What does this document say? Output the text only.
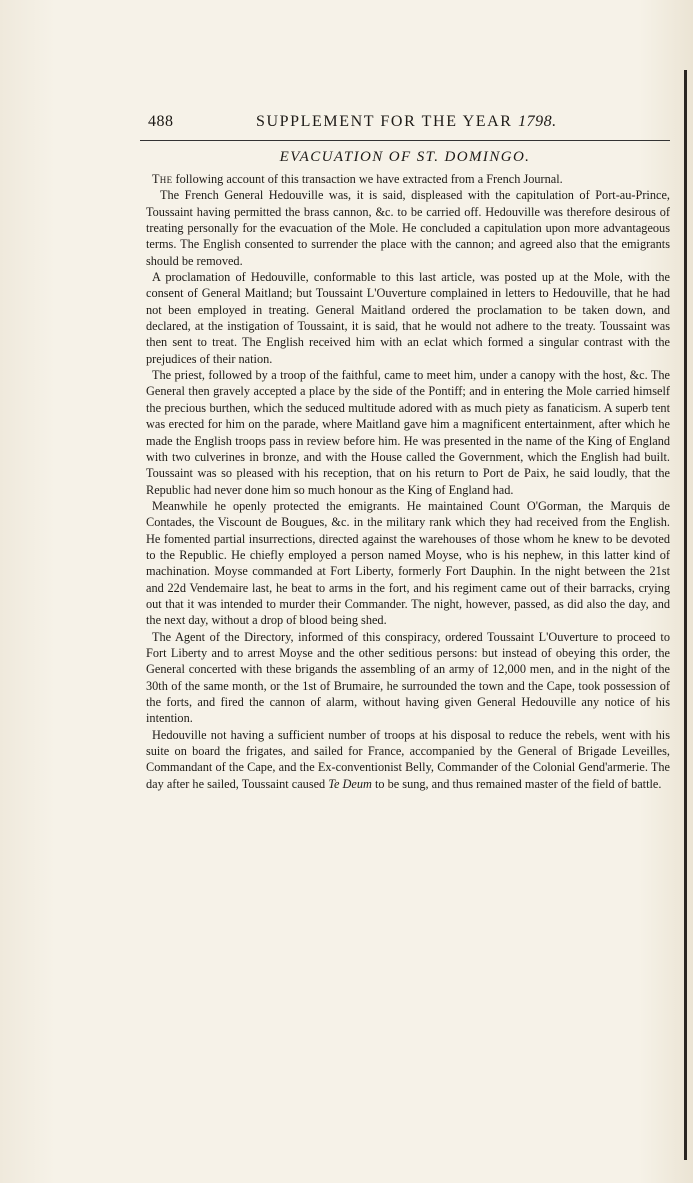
488	SUPPLEMENT FOR THE YEAR 1798.
EVACUATION OF ST. DOMINGO.

The following account of this transaction we have extracted from a French Journal.

The French General Hedouville was, it is said, displeased with the capitulation of Port-au-Prince, Toussaint having permitted the brass cannon, &c. to be carried off. Hedouville was therefore desirous of treating personally for the evacuation of the Mole. He concluded a capitulation upon more advantageous terms. The English consented to surrender the place with the cannon; and agreed also that the emigrants should be removed.

A proclamation of Hedouville, conformable to this last article, was posted up at the Mole, with the consent of General Maitland; but Toussaint L'Ouverture complained in letters to Hedouville, that he had not been employed in treating. General Maitland ordered the proclamation to be taken down, and declared, at the instigation of Toussaint, it is said, that he would not adhere to the treaty. Toussaint was then sent to treat. The English received him with an eclat which formed a singular contrast with the prejudices of their nation.

The priest, followed by a troop of the faithful, came to meet him, under a canopy with the host, &c. The General then gravely accepted a place by the side of the Pontiff; and in entering the Mole carried himself the precious burthen, which the seduced multitude adored with as much piety as fanaticism. A superb tent was erected for him on the parade, where Maitland gave him a magnificent entertainment, after which he made the English troops pass in review before him. He was presented in the name of the King of England with two culverines in bronze, and with the House called the Government, which the English had built. Toussaint was so pleased with his reception, that on his return to Port de Paix, he said loudly, that the Republic had never done him so much honour as the King of England had.

Meanwhile he openly protected the emigrants. He maintained Count O'Gorman, the Marquis de Contades, the Viscount de Bougues, &c. in the military rank which they had received from the English. He fomented partial insurrections, directed against the warehouses of those whom he knew to be devoted to the Republic. He chiefly employed a person named Moyse, who is his nephew, in this latter kind of machination. Moyse commanded at Fort Liberty, formerly Fort Dauphin. In the night between the 21st and 22d Vendemaire last, he beat to arms in the fort, and his regiment came out of their barracks, crying out that it was intended to murder their Commander. The night, however, passed, as did also the day, and the next day, without a drop of blood being shed.

The Agent of the Directory, informed of this conspiracy, ordered Toussaint L'Ouverture to proceed to Fort Liberty and to arrest Moyse and the other seditious persons: but instead of obeying this order, the General concerted with these brigands the assembling of an army of 12,000 men, and in the night of the 30th of the same month, or the 1st of Brumaire, he surrounded the town and the Cape, took possession of the forts, and fired the cannon of alarm, without having given General Hedouville any notice of his intention.

Hedouville not having a sufficient number of troops at his disposal to reduce the rebels, went with his suite on board the frigates, and sailed for France, accompanied by the General of Brigade Leveilles, Commandant of the Cape, and the Ex-conventionist Belly, Commander of the Colonial Gend'armerie. The day after he sailed, Toussaint caused Te Deum to be sung, and thus remained master of the field of battle.
